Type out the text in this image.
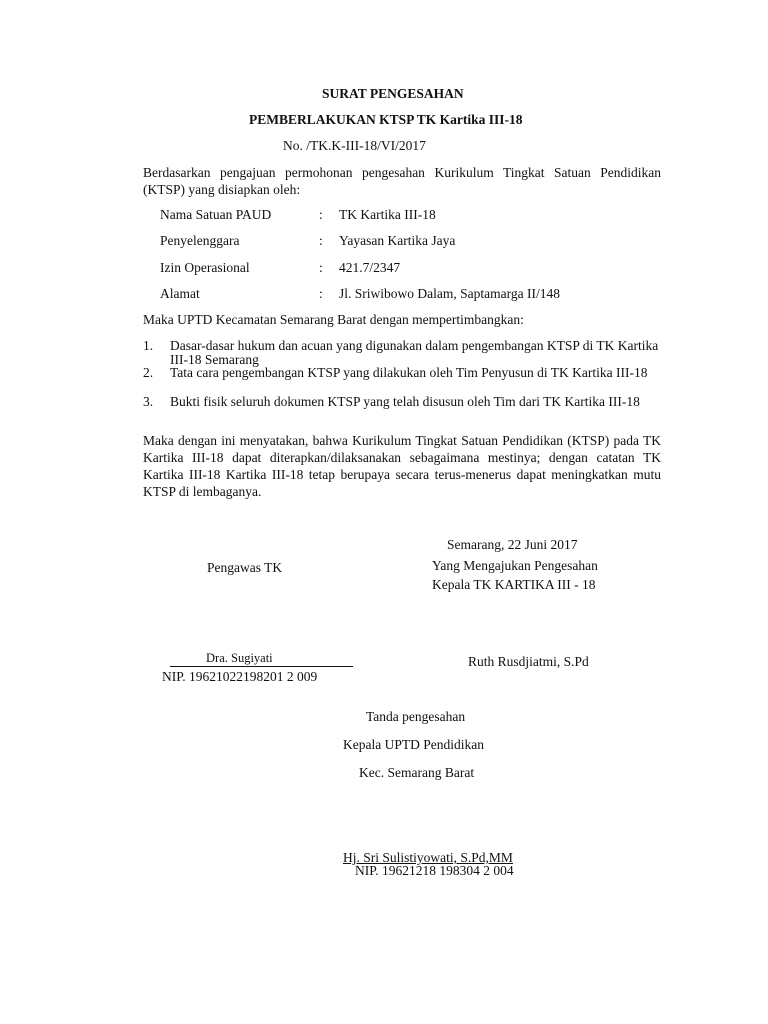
SURAT PENGESAHAN
PEMBERLAKUKAN KTSP TK Kartika III-18
No. /TK.K-III-18/VI/2017
Berdasarkan pengajuan permohonan pengesahan Kurikulum Tingkat Satuan Pendidikan (KTSP) yang disiapkan oleh:
Nama Satuan PAUD	: TK Kartika III-18
Penyelenggara	: Yayasan Kartika Jaya
Izin Operasional	: 421.7/2347
Alamat	: Jl. Sriwibowo Dalam, Saptamarga II/148
Maka UPTD Kecamatan Semarang Barat dengan mempertimbangkan:
1. Dasar-dasar hukum dan acuan yang digunakan dalam pengembangan KTSP di TK Kartika III-18 Semarang
2. Tata cara pengembangan KTSP yang dilakukan oleh Tim Penyusun di TK Kartika III-18
3. Bukti fisik seluruh dokumen KTSP yang telah disusun oleh Tim dari TK Kartika III-18
Maka dengan ini menyatakan, bahwa Kurikulum Tingkat Satuan Pendidikan (KTSP) pada TK Kartika III-18 dapat diterapkan/dilaksanakan sebagaimana mestinya; dengan catatan TK Kartika III-18 Kartika III-18 tetap berupaya secara terus-menerus dapat meningkatkan mutu KTSP di lembaganya.
Semarang, 22 Juni 2017
Pengawas TK	Yang Mengajukan Pengesahan
Kepala TK KARTIKA III - 18
Dra. Sugiyati
NIP. 19621022198201 2 009
Ruth Rusdjiatmi, S.Pd
Tanda pengesahan
Kepala UPTD Pendidikan
Kec. Semarang Barat
Hj. Sri Sulistiyowati, S.Pd,MM
NIP. 19621218 198304 2 004
